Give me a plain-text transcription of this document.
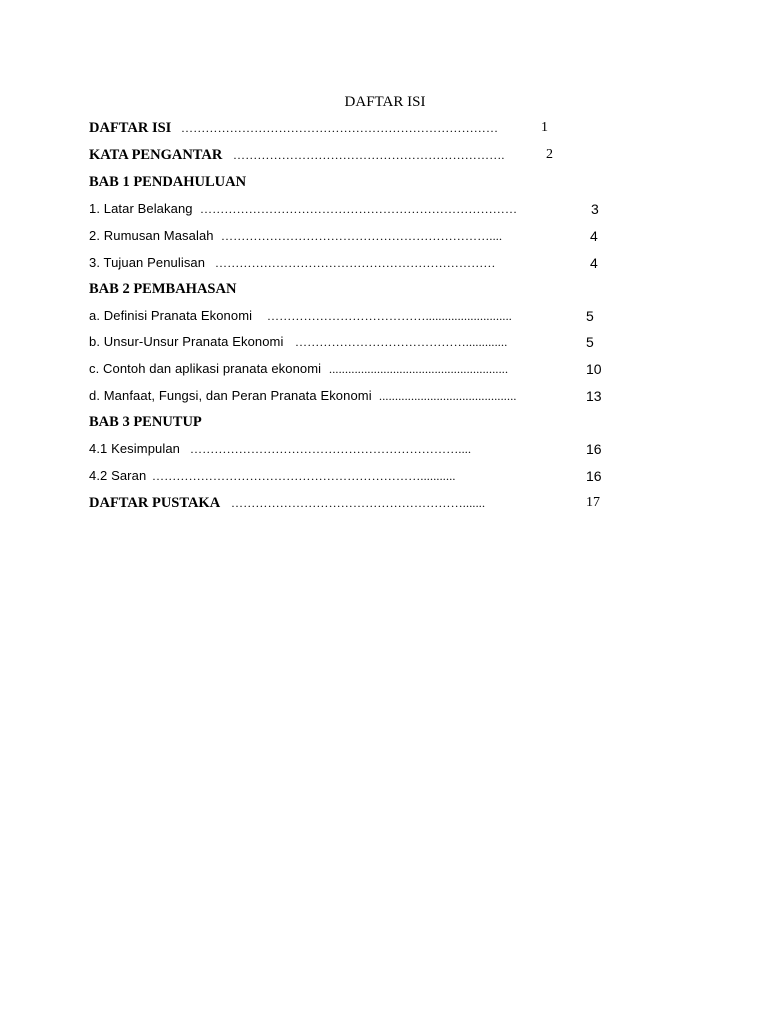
DAFTAR ISI
DAFTAR ISI ……………………………………………………………………	1
KATA PENGANTAR ………………………………………………………….	2
BAB 1 PENDAHULUAN
1. Latar Belakang ……………………………………………………………………	3
2. Rumusan Masalah …………………………………………………………....	4
3. Tujuan Penulisan ……………………………………………………………	4
BAB 2 PEMBAHASAN
a. Definisi Pranata Ekonomi …………………………………...........................	5
b. Unsur-Unsur Pranata Ekonomi …………………………………….............	5
c. Contoh dan aplikasi pranata ekonomi ........................................................	10
d. Manfaat, Fungsi, dan Peran Pranata Ekonomi ...........................................	13
BAB 3 PENUTUP
4.1 Kesimpulan …………………………………………………………....	16
4.2 Saran …………………………………………………………...........	16
DAFTAR PUSTAKA ………………………………………………….......	17
